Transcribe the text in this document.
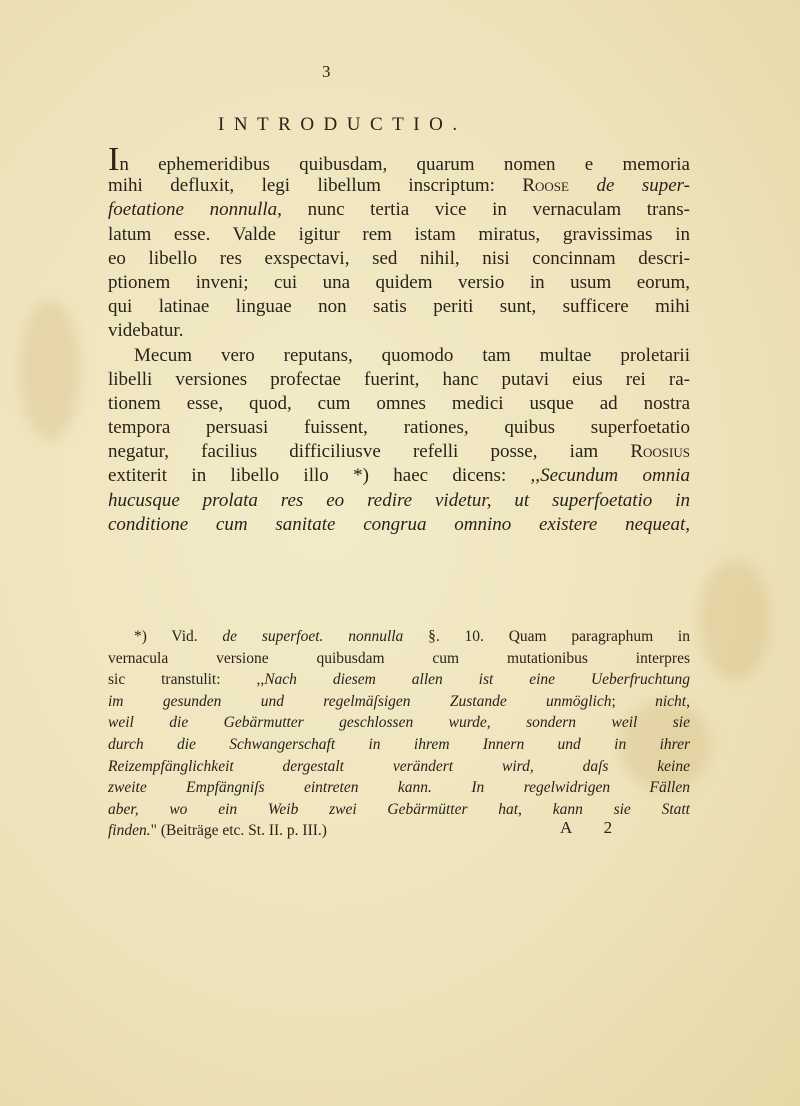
3
INTRODUCTIO.
In ephemeridibus quibusdam, quarum nomen e memoria
mihi defluxit, legi libellum inscriptum: Roose de super-
foetatione nonnulla, nunc tertia vice in vernaculam trans-
latum esse. Valde igitur rem istam miratus, gravissimas in
eo libello res exspectavi, sed nihil, nisi concinnam descri-
ptionem inveni; cui una quidem versio in usum eorum,
qui latinae linguae non satis periti sunt, sufficere mihi
videbatur.
Mecum vero reputans, quomodo tam multae proletarii
libelli versiones profectae fuerint, hanc putavi eius rei ra-
tionem esse, quod, cum omnes medici usque ad nostra
tempora persuasi fuissent, rationes, quibus superfoetatio
negatur, facilius difficiliusve refelli posse, iam Roosius
extiterit in libello illo *) haec dicens: ,,Secundum omnia
hucusque prolata res eo redire videtur, ut superfoetatio in
conditione cum sanitate congrua omnino existere nequeat,
*) Vid. de superfoet. nonnulla §. 10. Quam paragraphum in
vernacula versione quibusdam cum mutationibus interpres
sic transtulit: ,,Nach diesem allen ist eine Ueberfruchtung
im gesunden und regelmäſsigen Zustande unmöglich; nicht,
weil die Gebärmutter geschlossen wurde, sondern weil sie
durch die Schwangerschaft in ihrem Innern und in ihrer
Reizempfänglichkeit dergestalt verändert wird, daſs keine
zweite Empfängniſs eintreten kann. In regelwidrigen Fällen
aber, wo ein Weib zwei Gebärmütter hat, kann sie Statt
finden." (Beiträge etc. St. II. p. III.)	A 2
